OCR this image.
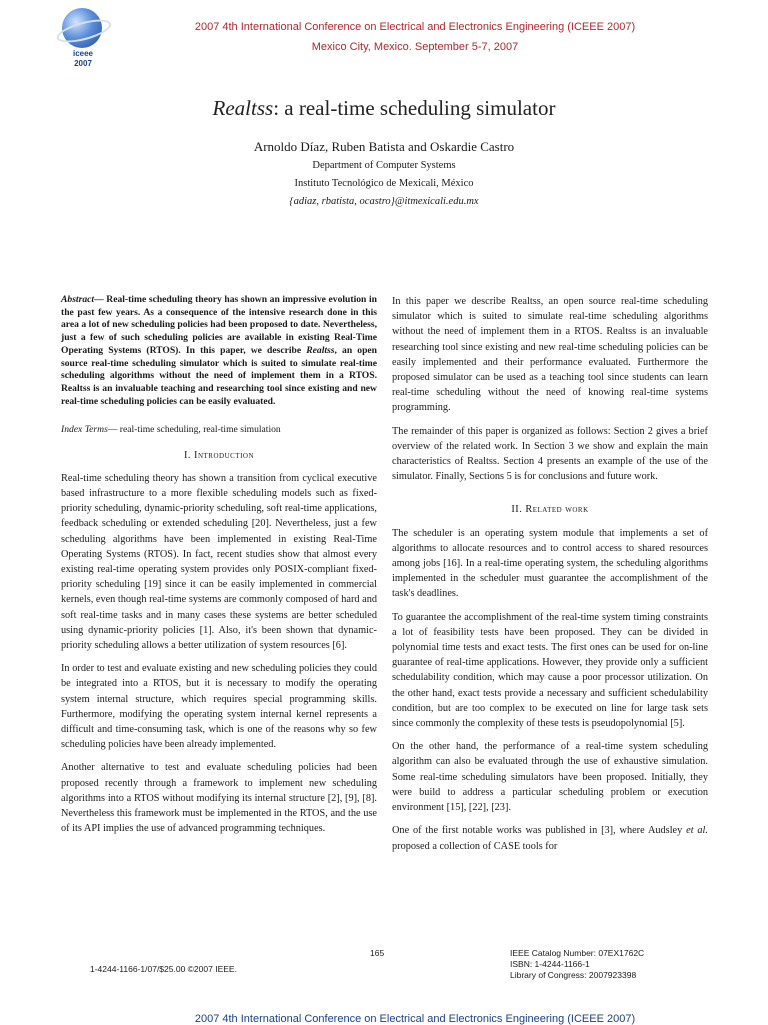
iceee
2007
2007 4th International Conference on Electrical and Electronics Engineering (ICEEE 2007)
Mexico City, Mexico. September 5-7, 2007
Realtss: a real-time scheduling simulator
Arnoldo Díaz, Ruben Batista and Oskardie Castro
Department of Computer Systems
Instituto Tecnológico de Mexicali, México
{adiaz, rbatista, ocastro}@itmexicali.edu.mx

Abstract— Real-time scheduling theory has shown an impressive evolution in the past few years. As a consequence of the intensive research done in this area a lot of new scheduling policies had been proposed to date. Nevertheless, just a few of such scheduling policies are available in existing Real-Time Operating Systems (RTOS). In this paper, we describe Realtss, an open source real-time scheduling simulator which is suited to simulate real-time scheduling algorithms without the need of implement them in a RTOS. Realtss is an invaluable teaching and researching tool since existing and new real-time scheduling policies can be easily evaluated.

Index Terms— real-time scheduling, real-time simulation

I. Introduction

Real-time scheduling theory has shown a transition from cyclical executive based infrastructure to a more flexible scheduling models such as fixed-priority scheduling, dynamic-priority scheduling, soft real-time applications, feedback scheduling or extended scheduling [20]. Nevertheless, just a few scheduling algorithms have been implemented in existing Real-Time Operating Systems (RTOS). In fact, recent studies show that almost every existing real-time operating system provides only POSIX-compliant fixed-priority scheduling [19] since it can be easily implemented in commercial kernels, even though real-time systems are commonly composed of hard and soft real-time tasks and in many cases these systems are better scheduled using dynamic-priority policies [1]. Also, it's been shown that dynamic-priority scheduling allows a better utilization of system resources [6].

In order to test and evaluate existing and new scheduling policies they could be integrated into a RTOS, but it is necessary to modify the operating system internal structure, which requires special programming skills. Furthermore, modifying the operating system internal kernel represents a difficult and time-consuming task, which is one of the reasons why so few scheduling policies have been already implemented.

Another alternative to test and evaluate scheduling policies had been proposed recently through a framework to implement new scheduling algorithms into a RTOS without modifying its internal structure [2], [9], [8]. Nevertheless this framework must be implemented in the RTOS, and the use of its API implies the use of advanced programming techniques.

In this paper we describe Realtss, an open source real-time scheduling simulator which is suited to simulate real-time scheduling algorithms without the need of implement them in a RTOS. Realtss is an invaluable researching tool since existing and new real-time scheduling policies can be easily implemented and their performance evaluated. Furthermore the proposed simulator can be used as a teaching tool since students can learn real-time scheduling without the need of knowing real-time systems programming.

The remainder of this paper is organized as follows: Section 2 gives a brief overview of the related work. In Section 3 we show and explain the main characteristics of Realtss. Section 4 presents an example of the use of the simulator. Finally, Sections 5 is for conclusions and future work.

II. Related work

The scheduler is an operating system module that implements a set of algorithms to allocate resources and to control access to shared resources among jobs [16]. In a real-time operating system, the scheduling algorithms implemented in the scheduler must guarantee the accomplishment of the task's deadlines.

To guarantee the accomplishment of the real-time system timing constraints a lot of feasibility tests have been proposed. They can be divided in polynomial time tests and exact tests. The first ones can be used for on-line guarantee of real-time applications. However, they provide only a sufficient schedulability condition, which may cause a poor processor utilization. On the other hand, exact tests provide a necessary and sufficient schedulability condition, but are too complex to be executed on line for large task sets since commonly the complexity of these tests is pseudopolynomial [5].

On the other hand, the performance of a real-time system scheduling algorithm can also be evaluated through the use of exhaustive simulation. Some real-time scheduling simulators have been proposed. Initially, they were build to address a particular scheduling problem or execution environment [15], [22], [23].

One of the first notable works was published in [3], where Audsley et al. proposed a collection of CASE tools for

165
1-4244-1166-1/07/$25.00 ©2007 IEEE.
IEEE Catalog Number: 07EX1762C
ISBN: 1-4244-1166-1
Library of Congress: 2007923398
2007 4th International Conference on Electrical and Electronics Engineering (ICEEE 2007)
